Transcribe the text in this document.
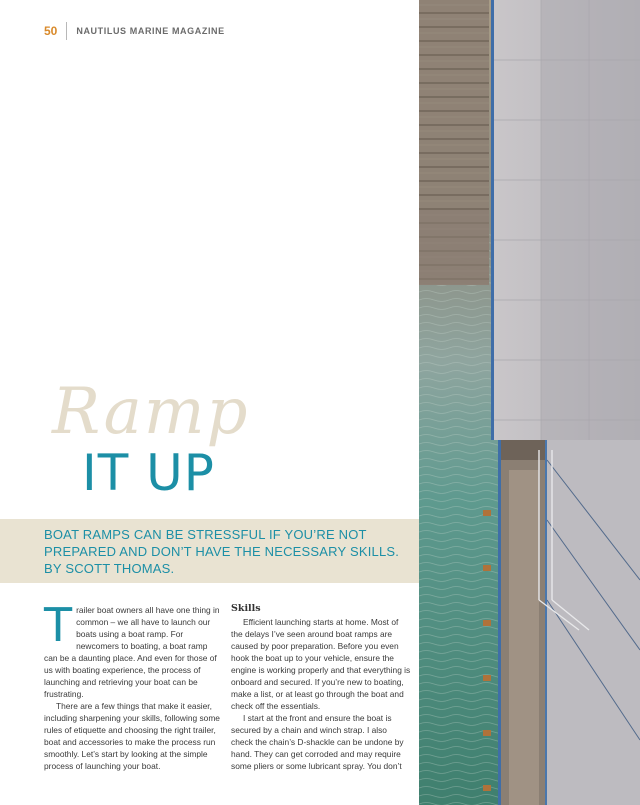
50 NAUTILUS MARINE MAGAZINE
Ramp
IT UP
BOAT RAMPS CAN BE STRESSFUL IF YOU’RE NOT
PREPARED AND DON’T HAVE THE NECESSARY SKILLS.
BY SCOTT THOMAS.

Trailer boat owners all have one thing in common – we all have to launch our boats using a boat ramp. For newcomers to boating, a boat ramp can be a daunting place. And even for those of us with boating experience, the process of launching and retrieving your boat can be frustrating.

There are a few things that make it easier, including sharpening your skills, following some rules of etiquette and choosing the right trailer, boat and accessories to make the process run smoothly. Let’s start by looking at the simple process of launching your boat.

Skills

Efficient launching starts at home. Most of the delays I’ve seen around boat ramps are caused by poor preparation. Before you even hook the boat up to your vehicle, ensure the engine is working properly and that everything is onboard and secured. If you’re new to boating, make a list, or at least go through the boat and check off the essentials.

I start at the front and ensure the boat is secured by a chain and winch strap. I also check the chain’s D-shackle can be undone by hand. They can get corroded and may require some pliers or some lubricant spray. You don’t
